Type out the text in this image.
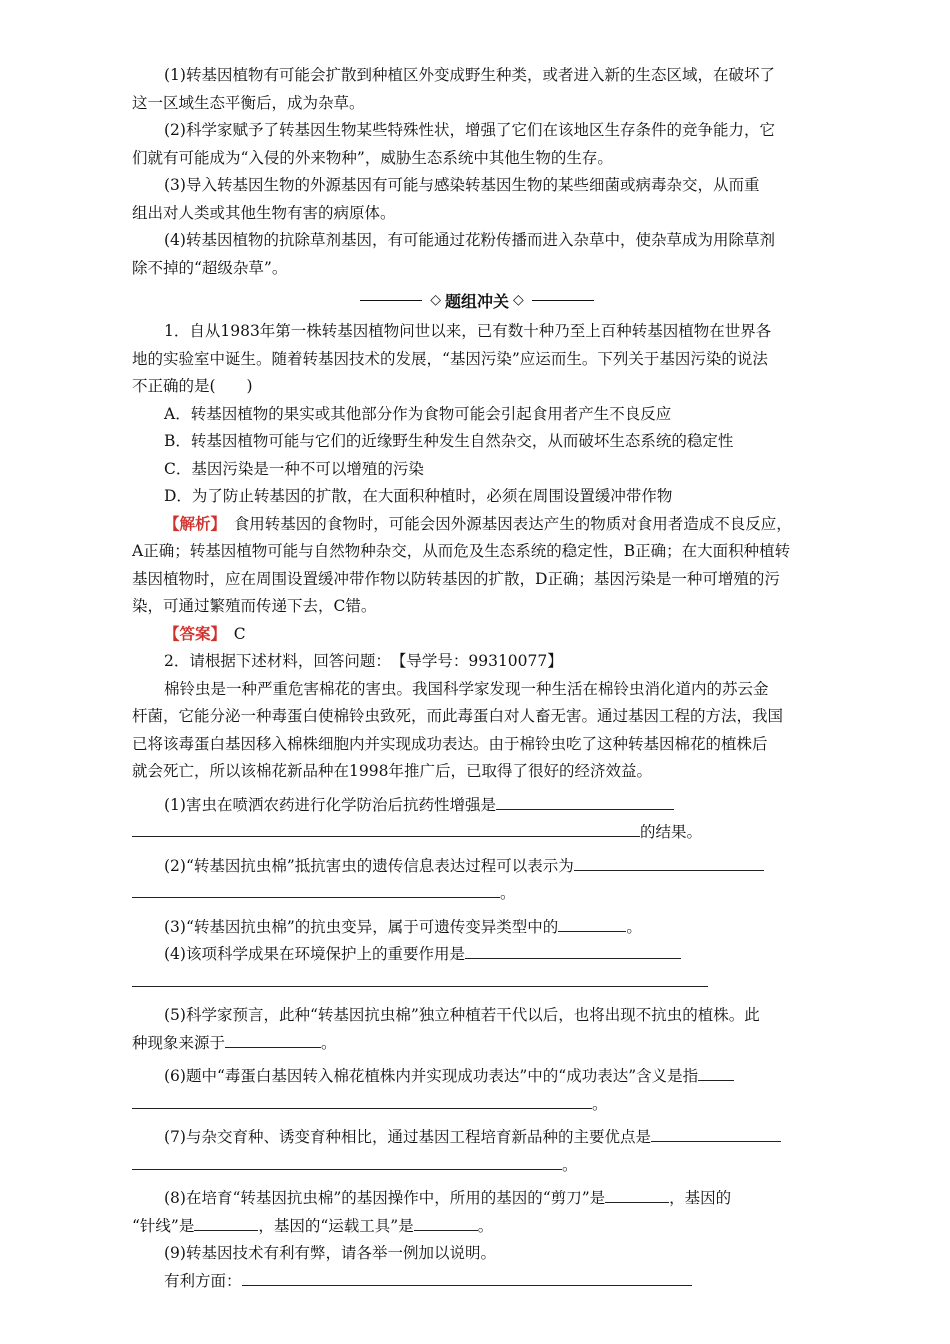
(1)转基因植物有可能会扩散到种植区外变成野生种类，或者进入新的生态区域，在破坏了
这一区域生态平衡后，成为杂草。
(2)科学家赋予了转基因生物某些特殊性状，增强了它们在该地区生存条件的竞争能力，它
们就有可能成为“入侵的外来物种”，威胁生态系统中其他生物的生存。
(3)导入转基因生物的外源基因有可能与感染转基因生物的某些细菌或病毒杂交，从而重
组出对人类或其他生物有害的病原体。
(4)转基因植物的抗除草剂基因，有可能通过花粉传播而进入杂草中，使杂草成为用除草剂
除不掉的“超级杂草”。
◇ 题组冲关 ◇
1．自从1983年第一株转基因植物问世以来，已有数十种乃至上百种转基因植物在世界各
地的实验室中诞生。随着转基因技术的发展，“基因污染”应运而生。下列关于基因污染的说法
不正确的是(　　)
A．转基因植物的果实或其他部分作为食物可能会引起食用者产生不良反应
B．转基因植物可能与它们的近缘野生种发生自然杂交，从而破坏生态系统的稳定性
C．基因污染是一种不可以增殖的污染
D．为了防止转基因的扩散，在大面积种植时，必须在周围设置缓冲带作物
【解析】　食用转基因的食物时，可能会因外源基因表达产生的物质对食用者造成不良反应，
A正确；转基因植物可能与自然物种杂交，从而危及生态系统的稳定性，B正确；在大面积种植转
基因植物时，应在周围设置缓冲带作物以防转基因的扩散，D正确；基因污染是一种可增殖的污
染，可通过繁殖而传递下去，C错。
【答案】　C
2．请根据下述材料，回答问题：　【导学号：99310077】
棉铃虫是一种严重危害棉花的害虫。我国科学家发现一种生活在棉铃虫消化道内的苏云金
杆菌，它能分泌一种毒蛋白使棉铃虫致死，而此毒蛋白对人畜无害。通过基因工程的方法，我国
已将该毒蛋白基因移入棉株细胞内并实现成功表达。由于棉铃虫吃了这种转基因棉花的植株后
就会死亡，所以该棉花新品种在1998年推广后，已取得了很好的经济效益。
(1)害虫在喷洒农药进行化学防治后抗药性增强是
的结果。
(2)“转基因抗虫棉”抵抗害虫的遗传信息表达过程可以表示为
。
(3)“转基因抗虫棉”的抗虫变异，属于可遗传变异类型中的	。
(4)该项科学成果在环境保护上的重要作用是
(5)科学家预言，此种“转基因抗虫棉”独立种植若干代以后，也将出现不抗虫的植株。此
种现象来源于	。
(6)题中“毒蛋白基因转入棉花植株内并实现成功表达”中的“成功表达”含义是指
。
(7)与杂交育种、诱变育种相比，通过基因工程培育新品种的主要优点是
。
(8)在培育“转基因抗虫棉”的基因操作中，所用的基因的“剪刀”是	，基因的
“针线”是	，基因的“运载工具”是	。
(9)转基因技术有利有弊，请各举一例加以说明。
有利方面：
